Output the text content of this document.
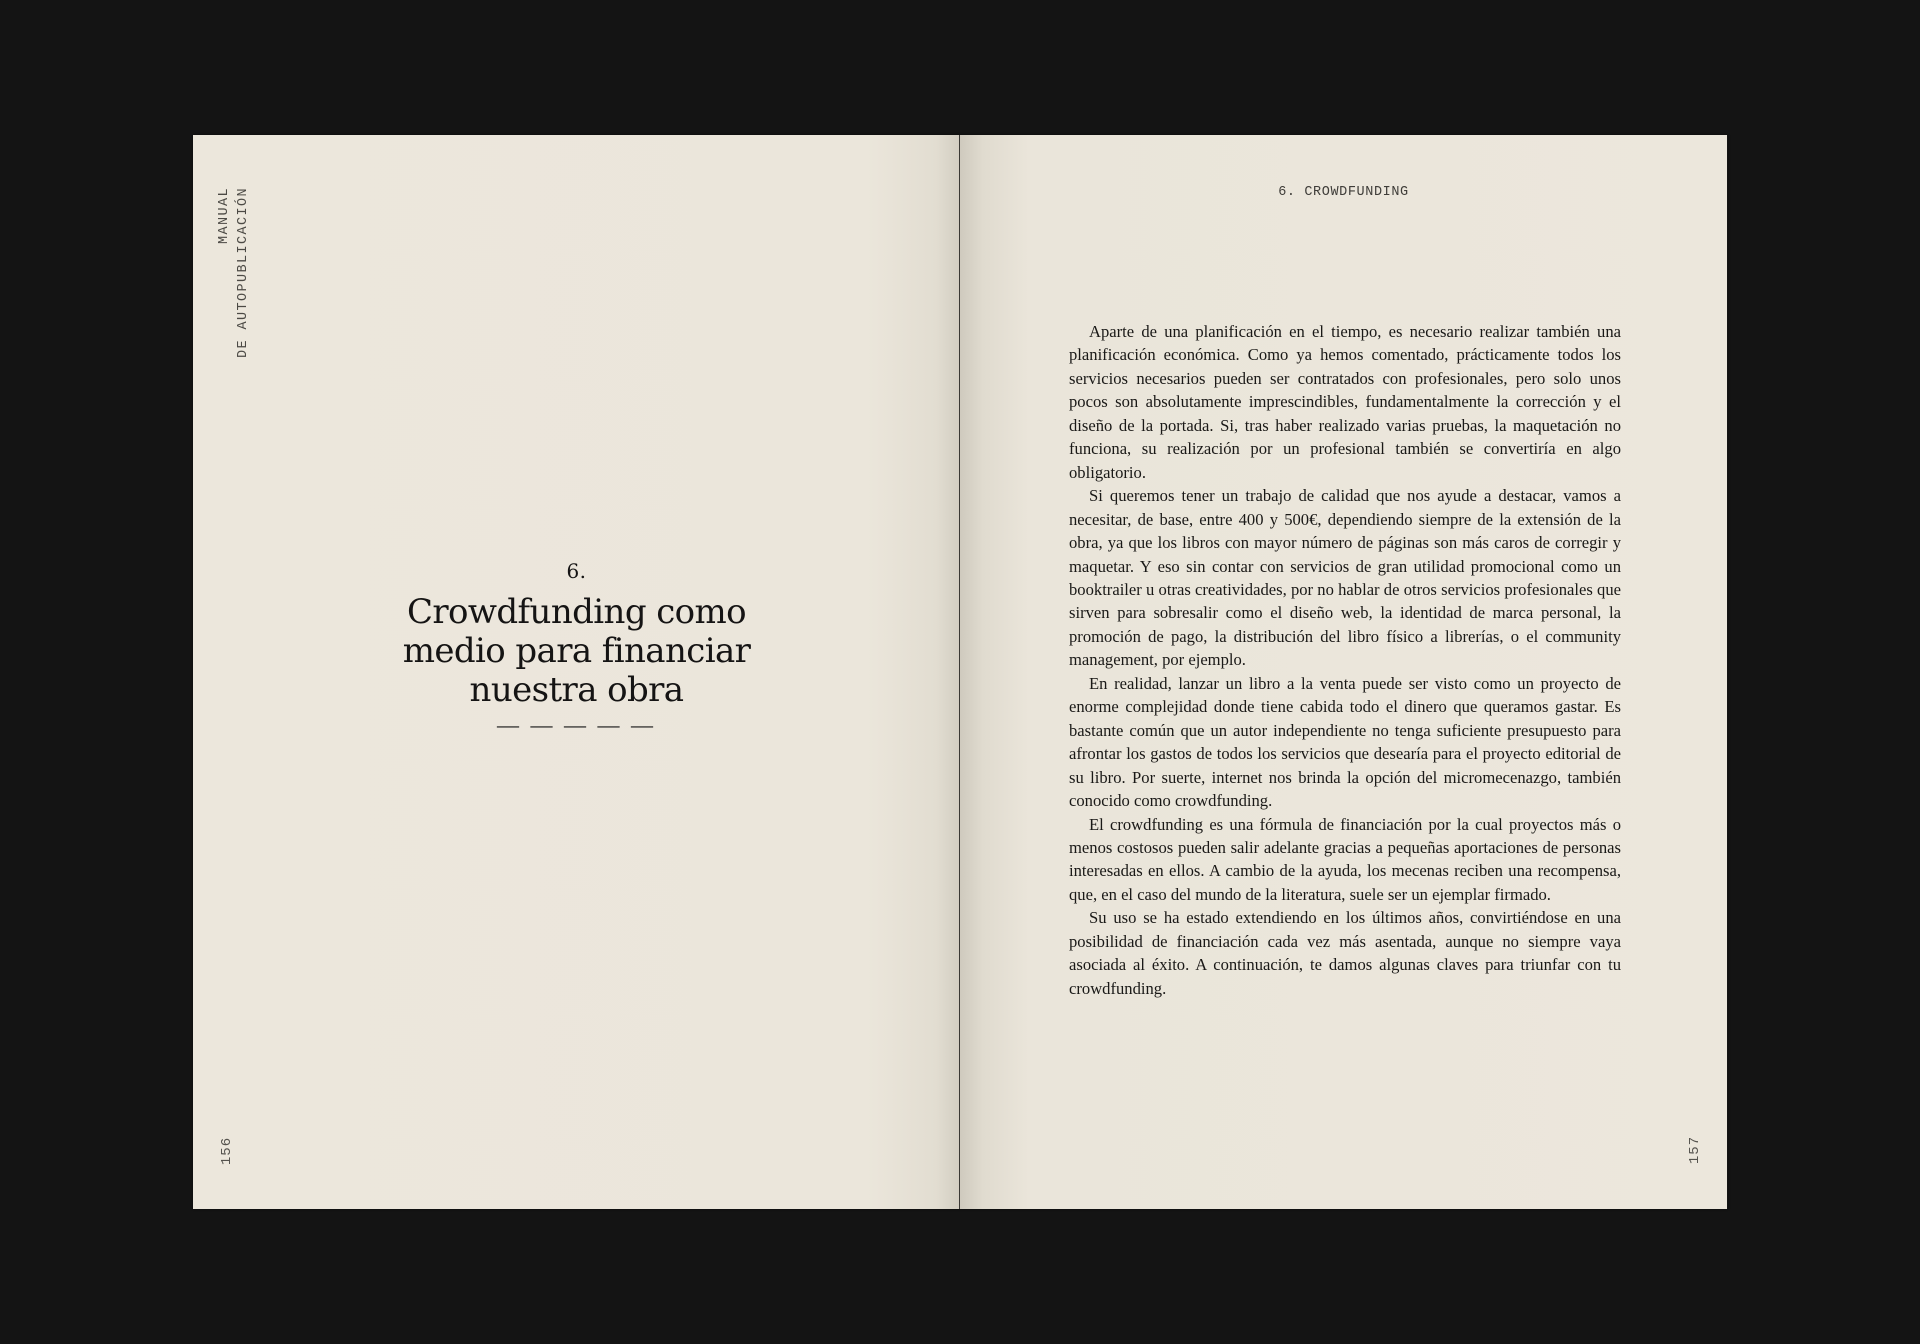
MANUAL DE AUTOPUBLICACIÓN
6.
Crowdfunding como medio para financiar nuestra obra
— — — — —
156
6. CROWDFUNDING

Aparte de una planificación en el tiempo, es necesario realizar también una planificación económica. Como ya hemos comentado, prácticamente todos los servicios necesarios pueden ser contratados con profesionales, pero solo unos pocos son absolutamente imprescindibles, fundamentalmente la corrección y el diseño de la portada. Si, tras haber realizado varias pruebas, la maquetación no funciona, su realización por un profesional también se convertiría en algo obligatorio.

Si queremos tener un trabajo de calidad que nos ayude a destacar, vamos a necesitar, de base, entre 400 y 500€, dependiendo siempre de la extensión de la obra, ya que los libros con mayor número de páginas son más caros de corregir y maquetar. Y eso sin contar con servicios de gran utilidad promocional como un booktrailer u otras creatividades, por no hablar de otros servicios profesionales que sirven para sobresalir como el diseño web, la identidad de marca personal, la promoción de pago, la distribución del libro físico a librerías, o el community management, por ejemplo.

En realidad, lanzar un libro a la venta puede ser visto como un proyecto de enorme complejidad donde tiene cabida todo el dinero que queramos gastar. Es bastante común que un autor independiente no tenga suficiente presupuesto para afrontar los gastos de todos los servicios que desearía para el proyecto editorial de su libro. Por suerte, internet nos brinda la opción del micromecenazgo, también conocido como crowdfunding.

El crowdfunding es una fórmula de financiación por la cual proyectos más o menos costosos pueden salir adelante gracias a pequeñas aportaciones de personas interesadas en ellos. A cambio de la ayuda, los mecenas reciben una recompensa, que, en el caso del mundo de la literatura, suele ser un ejemplar firmado.

Su uso se ha estado extendiendo en los últimos años, convirtiéndose en una posibilidad de financiación cada vez más asentada, aunque no siempre vaya asociada al éxito. A continuación, te damos algunas claves para triunfar con tu crowdfunding.

157
